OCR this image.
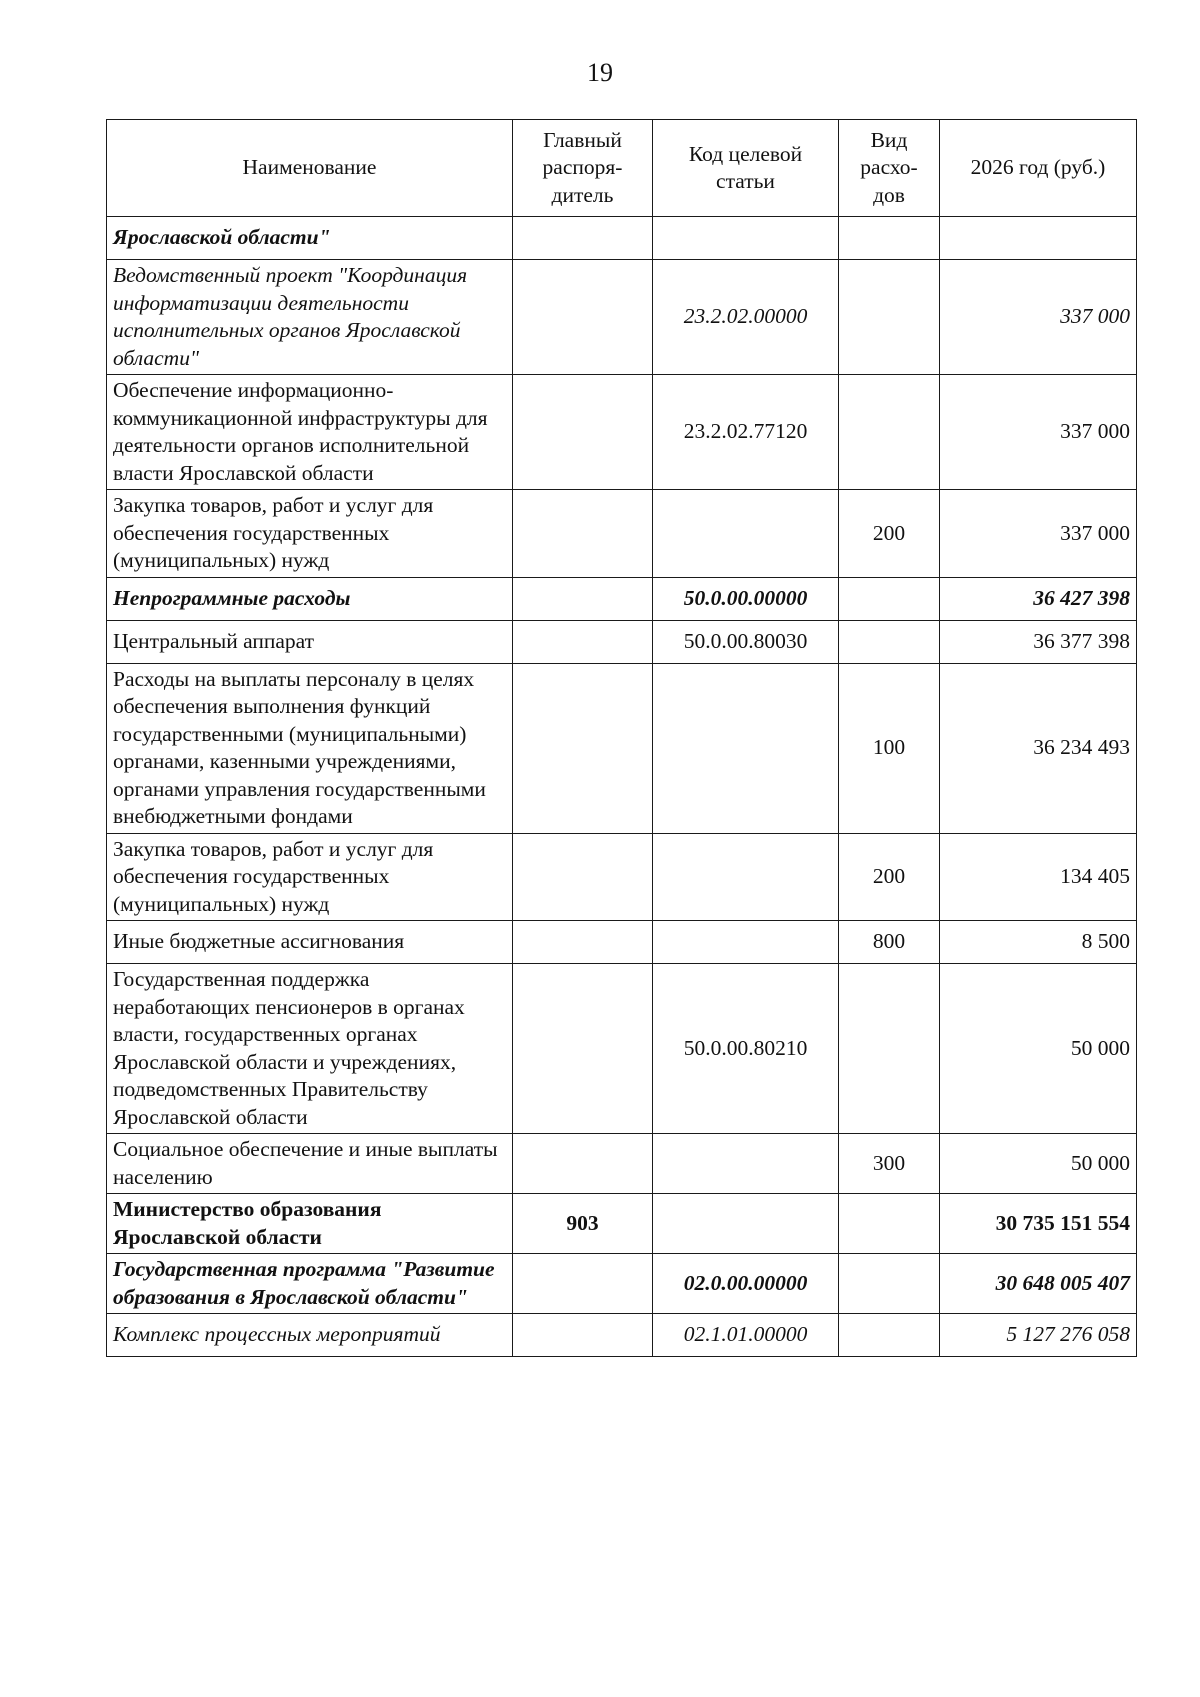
19
Наименование	Главный распоря-дитель	Код целевой статьи	Вид расхо-дов	2026 год (руб.)
Ярославской области"				
Ведомственный проект "Координация информатизации деятельности исполнительных органов Ярославской области"		23.2.02.00000		337 000
Обеспечение информационно-коммуникационной инфраструктуры для деятельности органов исполнительной власти Ярославской области		23.2.02.77120		337 000
Закупка товаров, работ и услуг для обеспечения государственных (муниципальных) нужд			200	337 000
Непрограммные расходы		50.0.00.00000		36 427 398
Центральный аппарат		50.0.00.80030		36 377 398
Расходы на выплаты персоналу в целях обеспечения выполнения функций государственными (муниципальными) органами, казенными учреждениями, органами управления государственными внебюджетными фондами			100	36 234 493
Закупка товаров, работ и услуг для обеспечения государственных (муниципальных) нужд			200	134 405
Иные бюджетные ассигнования			800	8 500
Государственная поддержка неработающих пенсионеров в органах власти, государственных органах Ярославской области и учреждениях, подведомственных Правительству Ярославской области		50.0.00.80210		50 000
Социальное обеспечение и иные выплаты населению			300	50 000
Министерство образования Ярославской области	903			30 735 151 554
Государственная программа "Развитие образования в Ярославской области"		02.0.00.00000		30 648 005 407
Комплекс процессных мероприятий		02.1.01.00000		5 127 276 058
